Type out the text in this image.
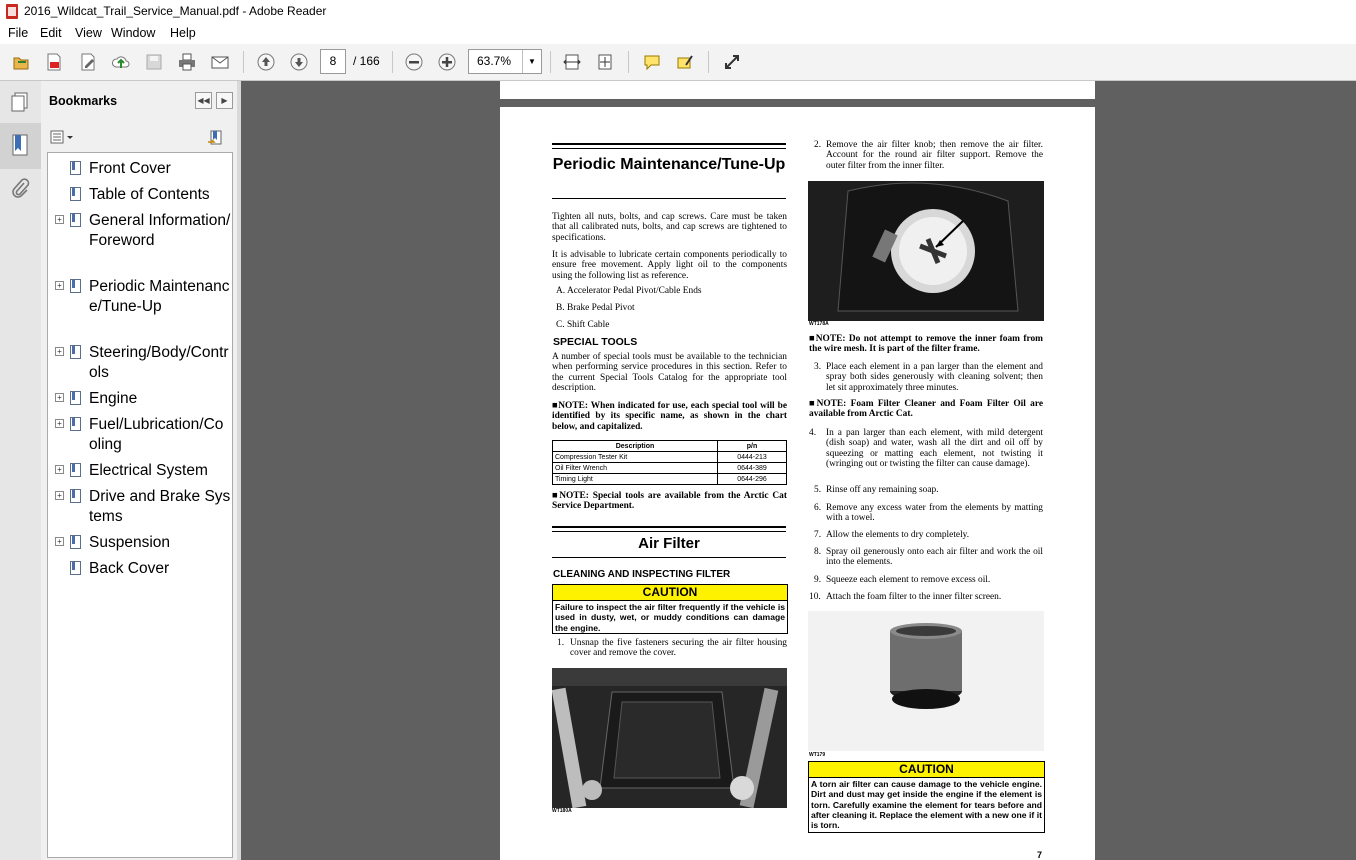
2016_Wildcat_Trail_Service_Manual.pdf - Adobe Reader
File Edit View Window Help
8	/ 166	63.7%	▼
Bookmarks	◀◀	▶
Front Cover
Table of Contents
+ General Information/Foreword
+ Periodic Maintenance/Tune-Up
+ Steering/Body/Controls
+ Engine
+ Fuel/Lubrication/Cooling
+ Electrical System
+ Drive and Brake Systems
+ Suspension
Back Cover
Periodic Maintenance/Tune-Up
Tighten all nuts, bolts, and cap screws. Care must be taken that all calibrated nuts, bolts, and cap screws are tightened to specifications.
It is advisable to lubricate certain components periodically to ensure free movement. Apply light oil to the components using the following list as reference.
A. Accelerator Pedal Pivot/Cable Ends
B. Brake Pedal Pivot
C. Shift Cable
SPECIAL TOOLS
A number of special tools must be available to the technician when performing service procedures in this section. Refer to the current Special Tools Catalog for the appropriate tool description.
■NOTE: When indicated for use, each special tool will be identified by its specific name, as shown in the chart below, and capitalized.
Description	p/n
Compression Tester Kit	0444-213
Oil Filter Wrench	0644-389
Timing Light	0644-296
■NOTE: Special tools are available from the Arctic Cat Service Department.
Air Filter
CLEANING AND INSPECTING FILTER
CAUTION
Failure to inspect the air filter frequently if the vehicle is used in dusty, wet, or muddy conditions can damage the engine.
1. Unsnap the five fasteners securing the air filter housing cover and remove the cover.
WT180A
2. Remove the air filter knob; then remove the air filter. Account for the round air filter support. Remove the outer filter from the inner filter.
WT178A
■NOTE: Do not attempt to remove the inner foam from the wire mesh. It is part of the filter frame.
3. Place each element in a pan larger than the element and spray both sides generously with cleaning solvent; then let sit approximately three minutes.
■NOTE: Foam Filter Cleaner and Foam Filter Oil are available from Arctic Cat.
4. In a pan larger than each element, with mild detergent (dish soap) and water, wash all the dirt and oil off by squeezing or matting each element, not twisting it (wringing out or twisting the filter can cause damage).
5. Rinse off any remaining soap.
6. Remove any excess water from the elements by matting with a towel.
7. Allow the elements to dry completely.
8. Spray oil generously onto each air filter and work the oil into the elements.
9. Squeeze each element to remove excess oil.
10. Attach the foam filter to the inner filter screen.
WT179
CAUTION
A torn air filter can cause damage to the vehicle engine. Dirt and dust may get inside the engine if the element is torn. Carefully examine the element for tears before and after cleaning it. Replace the element with a new one if it is torn.
7
